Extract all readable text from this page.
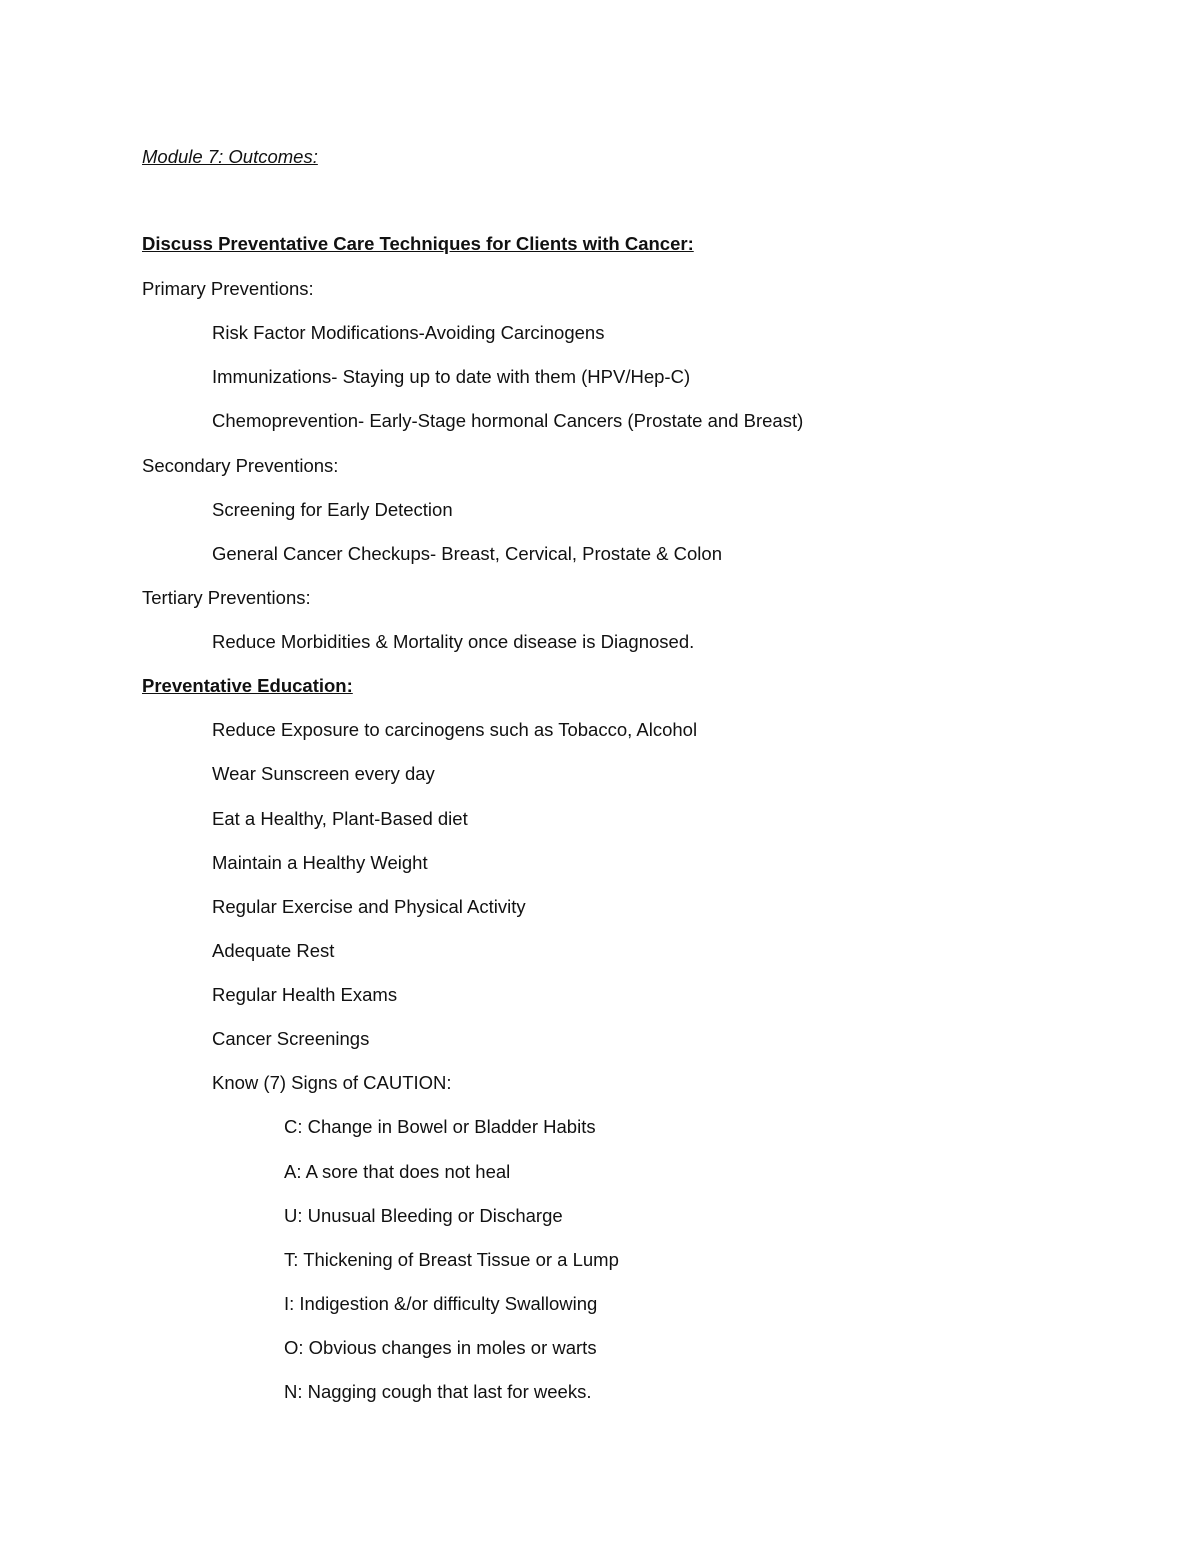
Module 7: Outcomes:
Discuss Preventative Care Techniques for Clients with Cancer:
Primary Preventions:
Risk Factor Modifications-Avoiding Carcinogens
Immunizations- Staying up to date with them (HPV/Hep-C)
Chemoprevention- Early-Stage hormonal Cancers (Prostate and Breast)
Secondary Preventions:
Screening for Early Detection
General Cancer Checkups- Breast, Cervical, Prostate & Colon
Tertiary Preventions:
Reduce Morbidities & Mortality once disease is Diagnosed.
Preventative Education:
Reduce Exposure to carcinogens such as Tobacco, Alcohol
Wear Sunscreen every day
Eat a Healthy, Plant-Based diet
Maintain a Healthy Weight
Regular Exercise and Physical Activity
Adequate Rest
Regular Health Exams
Cancer Screenings
Know (7) Signs of CAUTION:
C: Change in Bowel or Bladder Habits
A: A sore that does not heal
U: Unusual Bleeding or Discharge
T: Thickening of Breast Tissue or a Lump
I: Indigestion &/or difficulty Swallowing
O: Obvious changes in moles or warts
N: Nagging cough that last for weeks.
